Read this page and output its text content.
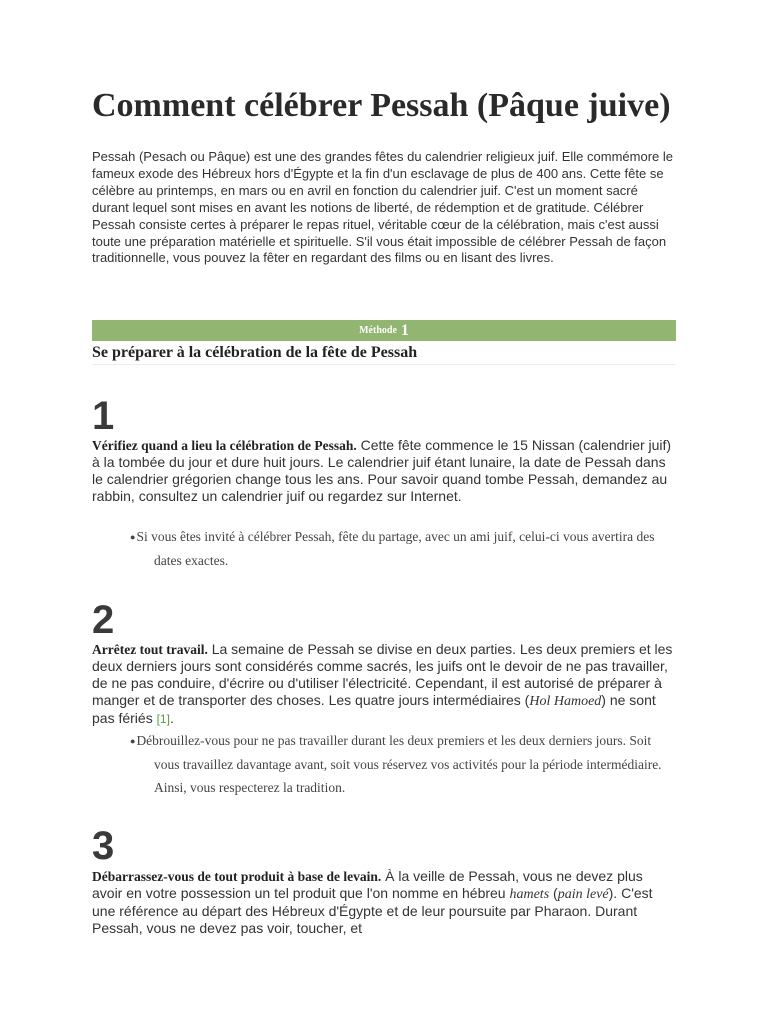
Comment célébrer Pessah (Pâque juive)

Pessah (Pesach ou Pâque) est une des grandes fêtes du calendrier religieux juif. Elle commémore le fameux exode des Hébreux hors d'Égypte et la fin d'un esclavage de plus de 400 ans. Cette fête se célèbre au printemps, en mars ou en avril en fonction du calendrier juif. C'est un moment sacré durant lequel sont mises en avant les notions de liberté, de rédemption et de gratitude. Célébrer Pessah consiste certes à préparer le repas rituel, véritable cœur de la célébration, mais c'est aussi toute une préparation matérielle et spirituelle. S'il vous était impossible de célébrer Pessah de façon traditionnelle, vous pouvez la fêter en regardant des films ou en lisant des livres.

Méthode 1
Se préparer à la célébration de la fête de Pessah
1

Vérifiez quand a lieu la célébration de Pessah. Cette fête commence le 15 Nissan (calendrier juif) à la tombée du jour et dure huit jours. Le calendrier juif étant lunaire, la date de Pessah dans le calendrier grégorien change tous les ans. Pour savoir quand tombe Pessah, demandez au rabbin, consultez un calendrier juif ou regardez sur Internet.

●Si vous êtes invité à célébrer Pessah, fête du partage, avec un ami juif, celui-ci vous avertira des dates exactes.
2

Arrêtez tout travail. La semaine de Pessah se divise en deux parties. Les deux premiers et les deux derniers jours sont considérés comme sacrés, les juifs ont le devoir de ne pas travailler, de ne pas conduire, d'écrire ou d'utiliser l'électricité. Cependant, il est autorisé de préparer à manger et de transporter des choses. Les quatre jours intermédiaires (Hol Hamoed) ne sont pas fériés [1].

●Débrouillez-vous pour ne pas travailler durant les deux premiers et les deux derniers jours. Soit vous travaillez davantage avant, soit vous réservez vos activités pour la période intermédiaire. Ainsi, vous respecterez la tradition.
3

Débarrassez-vous de tout produit à base de levain. À la veille de Pessah, vous ne devez plus avoir en votre possession un tel produit que l'on nomme en hébreu hamets (pain levé). C'est une référence au départ des Hébreux d'Égypte et de leur poursuite par Pharaon. Durant Pessah, vous ne devez pas voir, toucher, et
